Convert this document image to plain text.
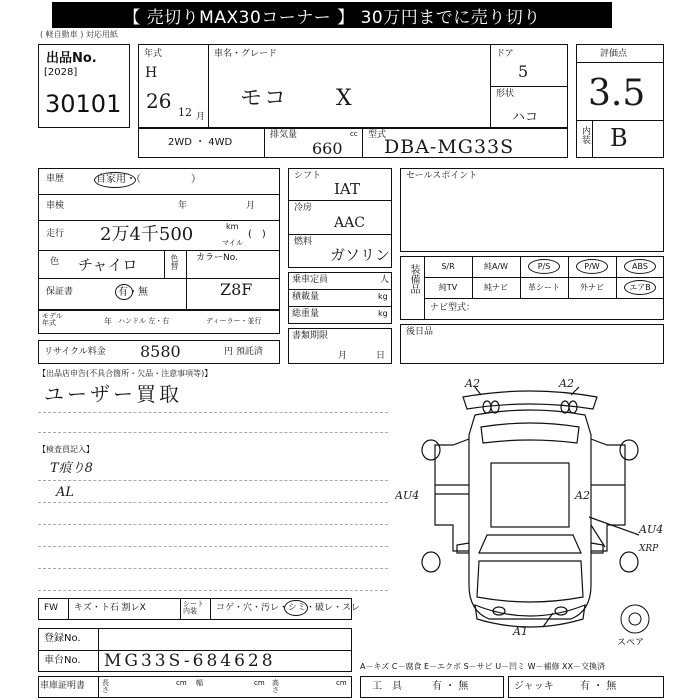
【 売切りMAX30コーナー 】 30万円までに売り切り
( 軽自動車 ) 対応用紙
出品No.
[2028]
30101
年式
H
26 12 月
車名・グレード
モコ　　X
ドア
5
形状
ハコ
2WD ・ 4WD
排気量	cc
660
型式
DBA-MG33S
評価点
3.5
内装 B
車歴	自家用・（　　　　　）
車検	年	月
走行 2万4千500	km
マイル
(　)
色 チャイロ	色替 カラーNo.
Z8F
保証書	有・無
モデル年式	年 ハンドル 左・右	ディーラー・並行
リサイクル料金 8580	円 預託済
シフト
IAT
冷房
AAC
燃料
ガソリン
乗車定員	人
積載量	kg
総重量	kg
書類期限
月	日
セールスポイント
装備品	S/R	純A/W	P/S	P/W	ABS
純TV	純ナビ	革シート	外ナビ	エアB
ナビ型式：
後日品
【出品店申告(不具合箇所・欠品・注意事項等)】
ユーザー買取
【検査員記入】
T痕り8
AL
A2	A2
AU4	A2
AU4
XRP
A1
スペア
FW キズ・ト石 割レX	シート内装	コゲ・穴・汚レ・シミ・破レ・スレ
登録No.
車台No. MG33S-684628
車庫証明書 長さ
cm 幅	cm 高さ
cm
A－キズ C－腐食 E－エクボ S－サビ U－凹ミ W－補修 XX－交換済
工　具	有 ・ 無	ジャッキ	有 ・ 無
